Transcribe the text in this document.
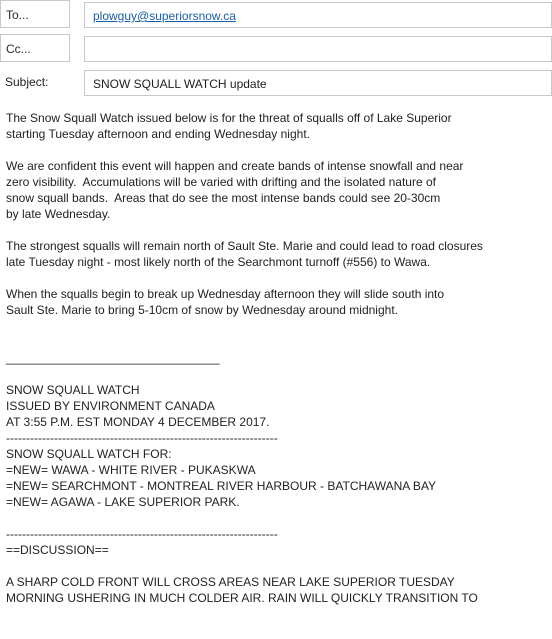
To...	plowguy@superiorsnow.ca
Cc...
Subject:	SNOW SQUALL WATCH update
The Snow Squall Watch issued below is for the threat of squalls off of Lake Superior
starting Tuesday afternoon and ending Wednesday night.
We are confident this event will happen and create bands of intense snowfall and near
zero visibility.  Accumulations will be varied with drifting and the isolated nature of
snow squall bands.  Areas that do see the most intense bands could see 20-30cm
by late Wednesday.
The strongest squalls will remain north of Sault Ste. Marie and could lead to road closures
late Tuesday night - most likely north of the Searchmont turnoff (#556) to Wawa.
When the squalls begin to break up Wednesday afternoon they will slide south into
Sault Ste. Marie to bring 5-10cm of snow by Wednesday around midnight.
________________________________
SNOW SQUALL WATCH
ISSUED BY ENVIRONMENT CANADA
AT 3:55 P.M. EST MONDAY 4 DECEMBER 2017.
--------------------------------------------------------------------
SNOW SQUALL WATCH FOR:
=NEW= WAWA - WHITE RIVER - PUKASKWA
=NEW= SEARCHMONT - MONTREAL RIVER HARBOUR - BATCHAWANA BAY
=NEW= AGAWA - LAKE SUPERIOR PARK.
--------------------------------------------------------------------
==DISCUSSION==
A SHARP COLD FRONT WILL CROSS AREAS NEAR LAKE SUPERIOR TUESDAY
MORNING USHERING IN MUCH COLDER AIR. RAIN WILL QUICKLY TRANSITION TO
